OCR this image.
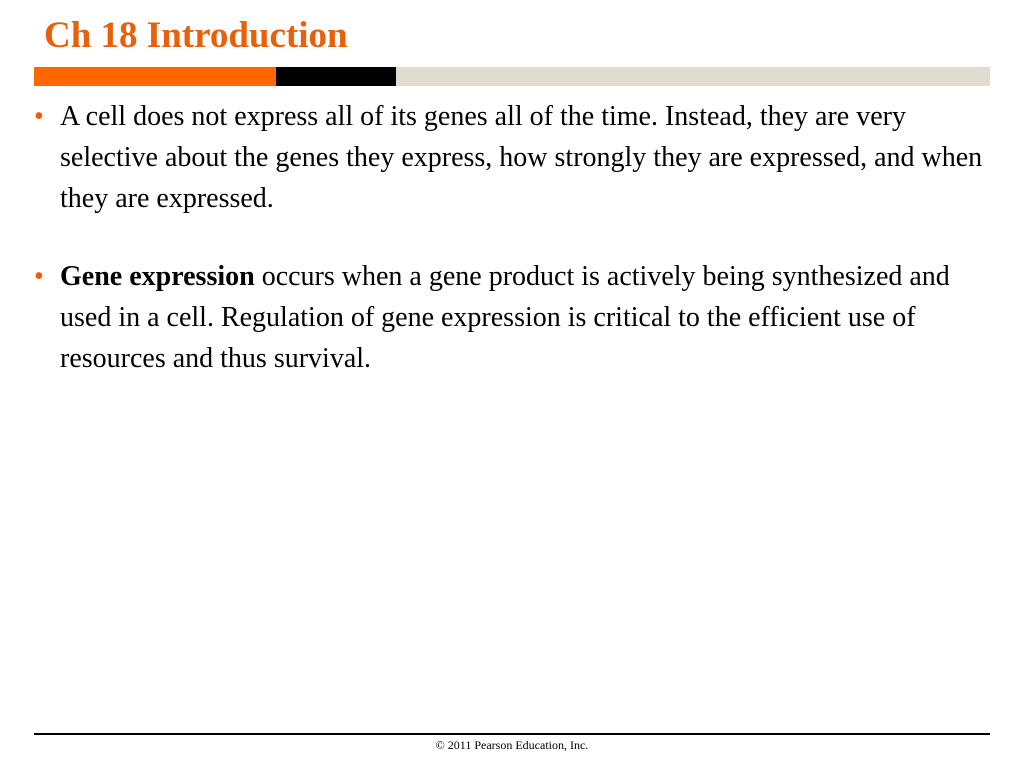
Ch 18 Introduction
• A cell does not express all of its genes all of the time. Instead, they are very selective about the genes they express, how strongly they are expressed, and when they are expressed.
• Gene expression occurs when a gene product is actively being synthesized and used in a cell. Regulation of gene expression is critical to the efficient use of resources and thus survival.
© 2011 Pearson Education, Inc.
